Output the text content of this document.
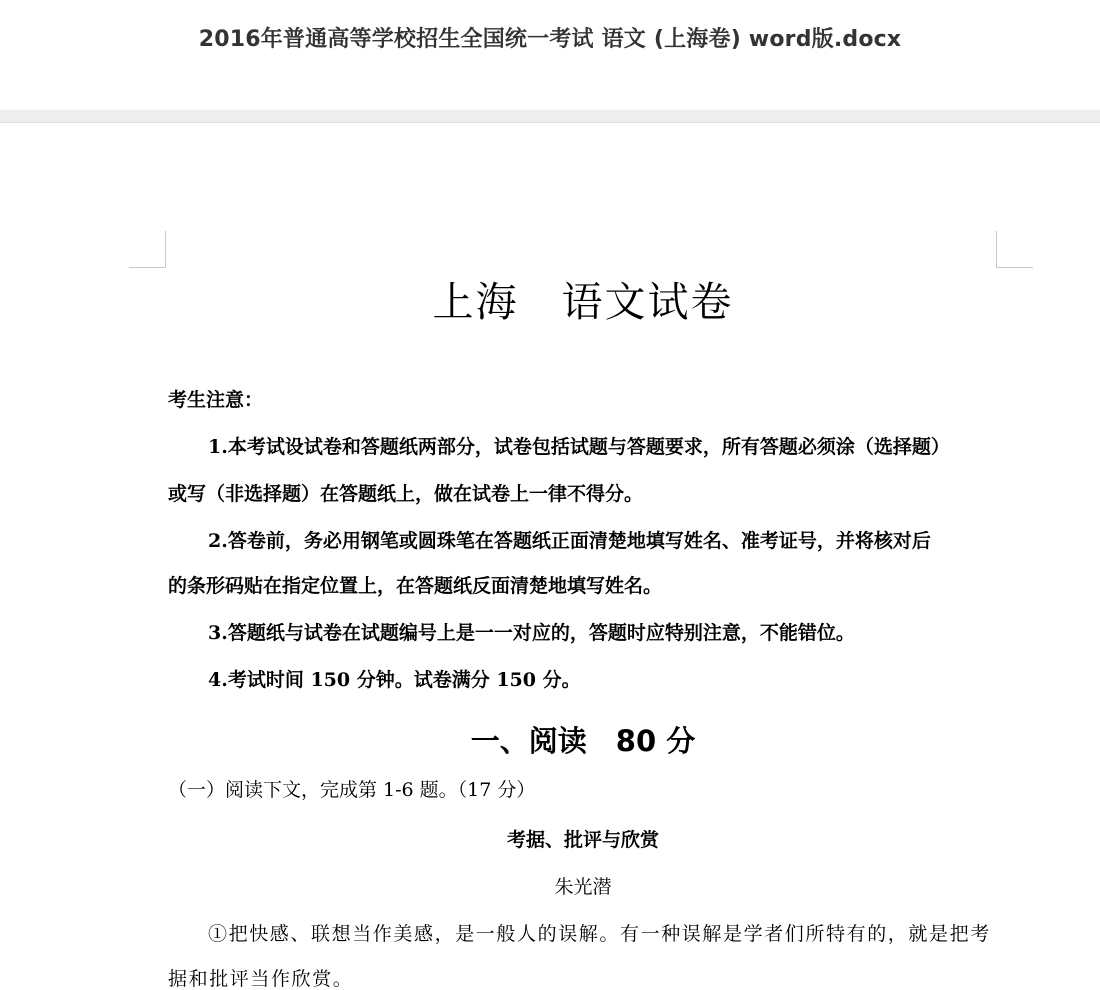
2016年普通高等学校招生全国统一考试 语文 (上海卷) word版.docx
上海　语文试卷
考生注意：
1.本考试设试卷和答题纸两部分，试卷包括试题与答题要求，所有答题必须涂（选择题）
或写（非选择题）在答题纸上，做在试卷上一律不得分。
2.答卷前，务必用钢笔或圆珠笔在答题纸正面清楚地填写姓名、准考证号，并将核对后
的条形码贴在指定位置上，在答题纸反面清楚地填写姓名。
3.答题纸与试卷在试题编号上是一一对应的，答题时应特别注意，不能错位。
4.考试时间 150 分钟。试卷满分 150 分。
一、阅读　80 分
（一）阅读下文，完成第 1-6 题。（17 分）
考据、批评与欣赏
朱光潜
①把快感、联想当作美感，是一般人的误解。有一种误解是学者们所特有的，就是把考
据和批评当作欣赏。
